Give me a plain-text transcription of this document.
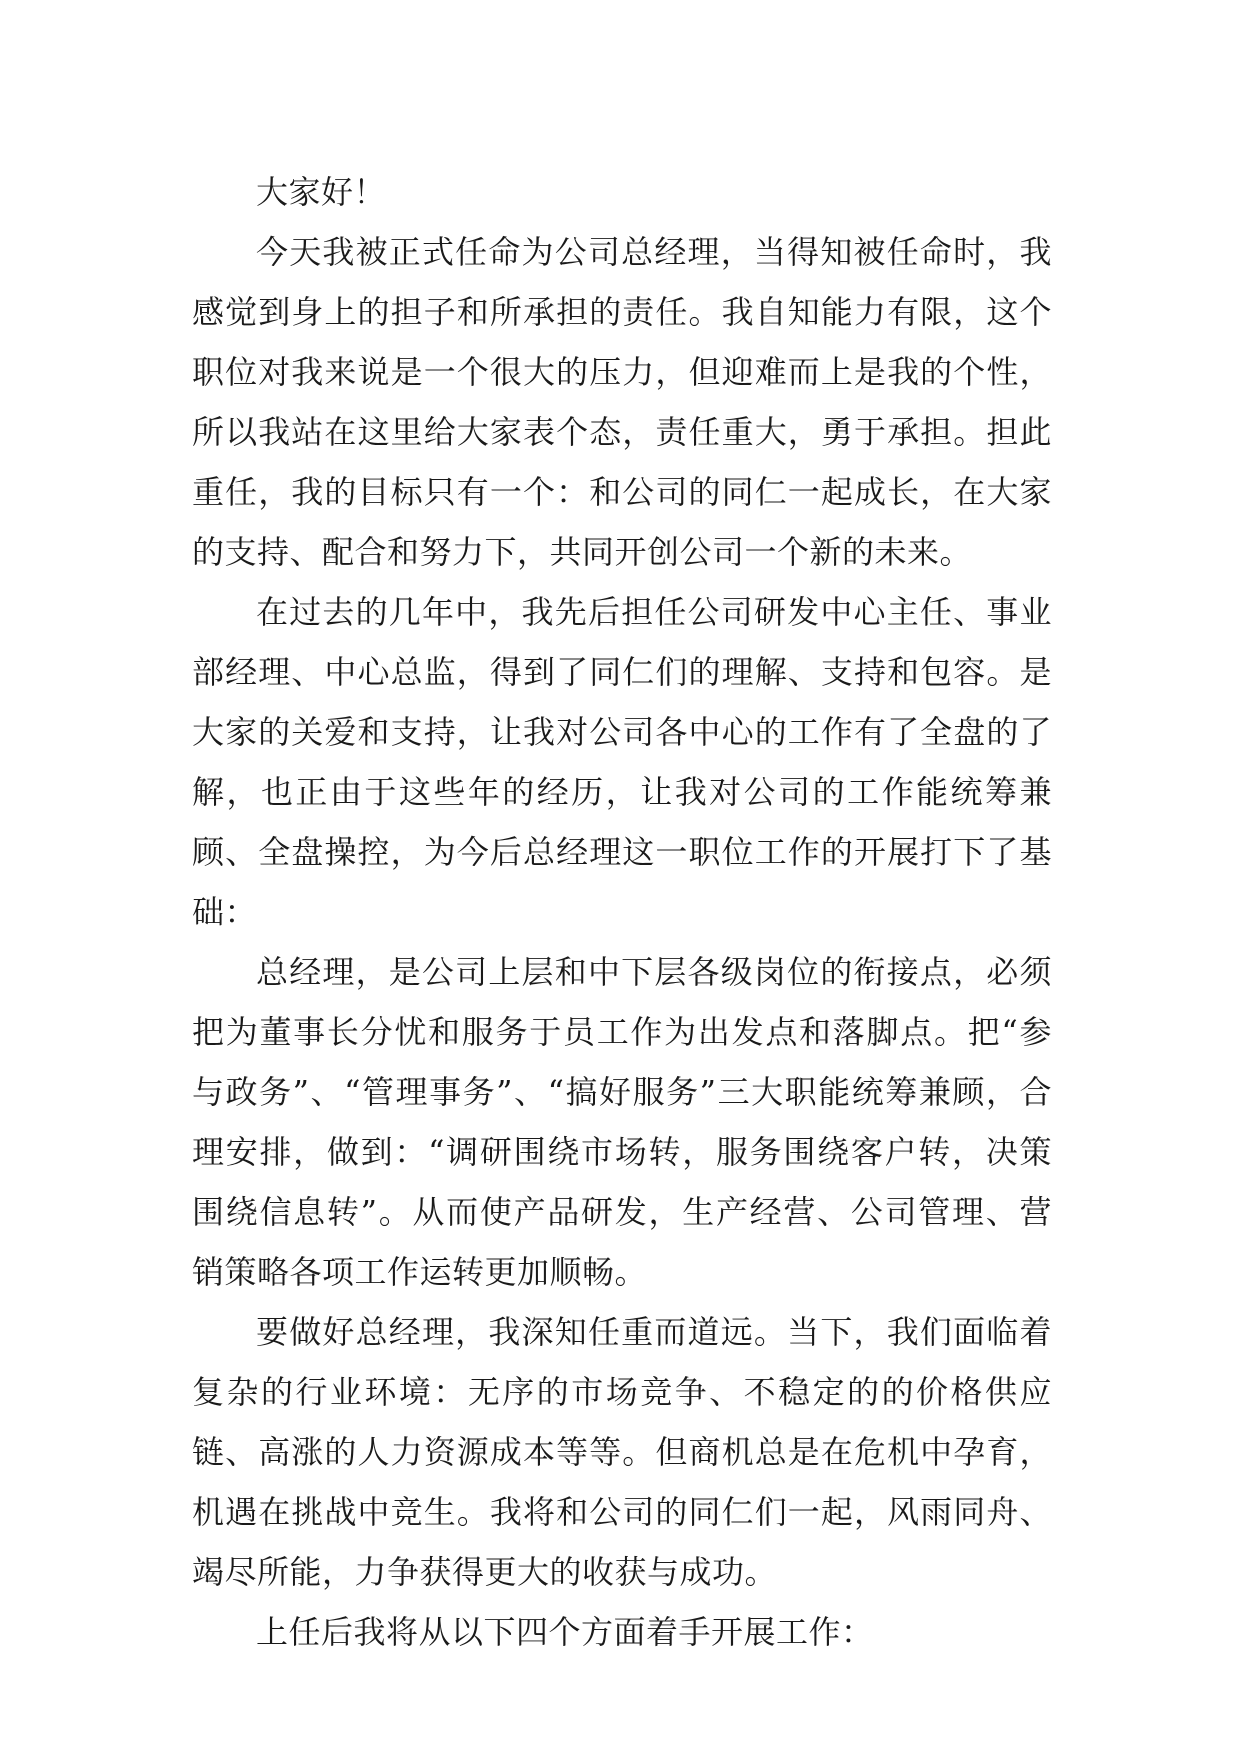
大家好！

今天我被正式任命为公司总经理，当得知被任命时，我感觉到身上的担子和所承担的责任。我自知能力有限，这个职位对我来说是一个很大的压力，但迎难而上是我的个性，所以我站在这里给大家表个态，责任重大，勇于承担。担此重任，我的目标只有一个：和公司的同仁一起成长，在大家的支持、配合和努力下，共同开创公司一个新的未来。

在过去的几年中，我先后担任公司研发中心主任、事业部经理、中心总监，得到了同仁们的理解、支持和包容。是大家的关爱和支持，让我对公司各中心的工作有了全盘的了解，也正由于这些年的经历，让我对公司的工作能统筹兼顾、全盘操控，为今后总经理这一职位工作的开展打下了基础：

总经理，是公司上层和中下层各级岗位的衔接点，必须把为董事长分忧和服务于员工作为出发点和落脚点。把“参与政务”、“管理事务”、“搞好服务”三大职能统筹兼顾，合理安排，做到：“调研围绕市场转，服务围绕客户转，决策围绕信息转”。从而使产品研发，生产经营、公司管理、营销策略各项工作运转更加顺畅。

要做好总经理，我深知任重而道远。当下，我们面临着复杂的行业环境：无序的市场竞争、不稳定的的价格供应链、高涨的人力资源成本等等。但商机总是在危机中孕育，机遇在挑战中竞生。我将和公司的同仁们一起，风雨同舟、竭尽所能，力争获得更大的收获与成功。

上任后我将从以下四个方面着手开展工作：
